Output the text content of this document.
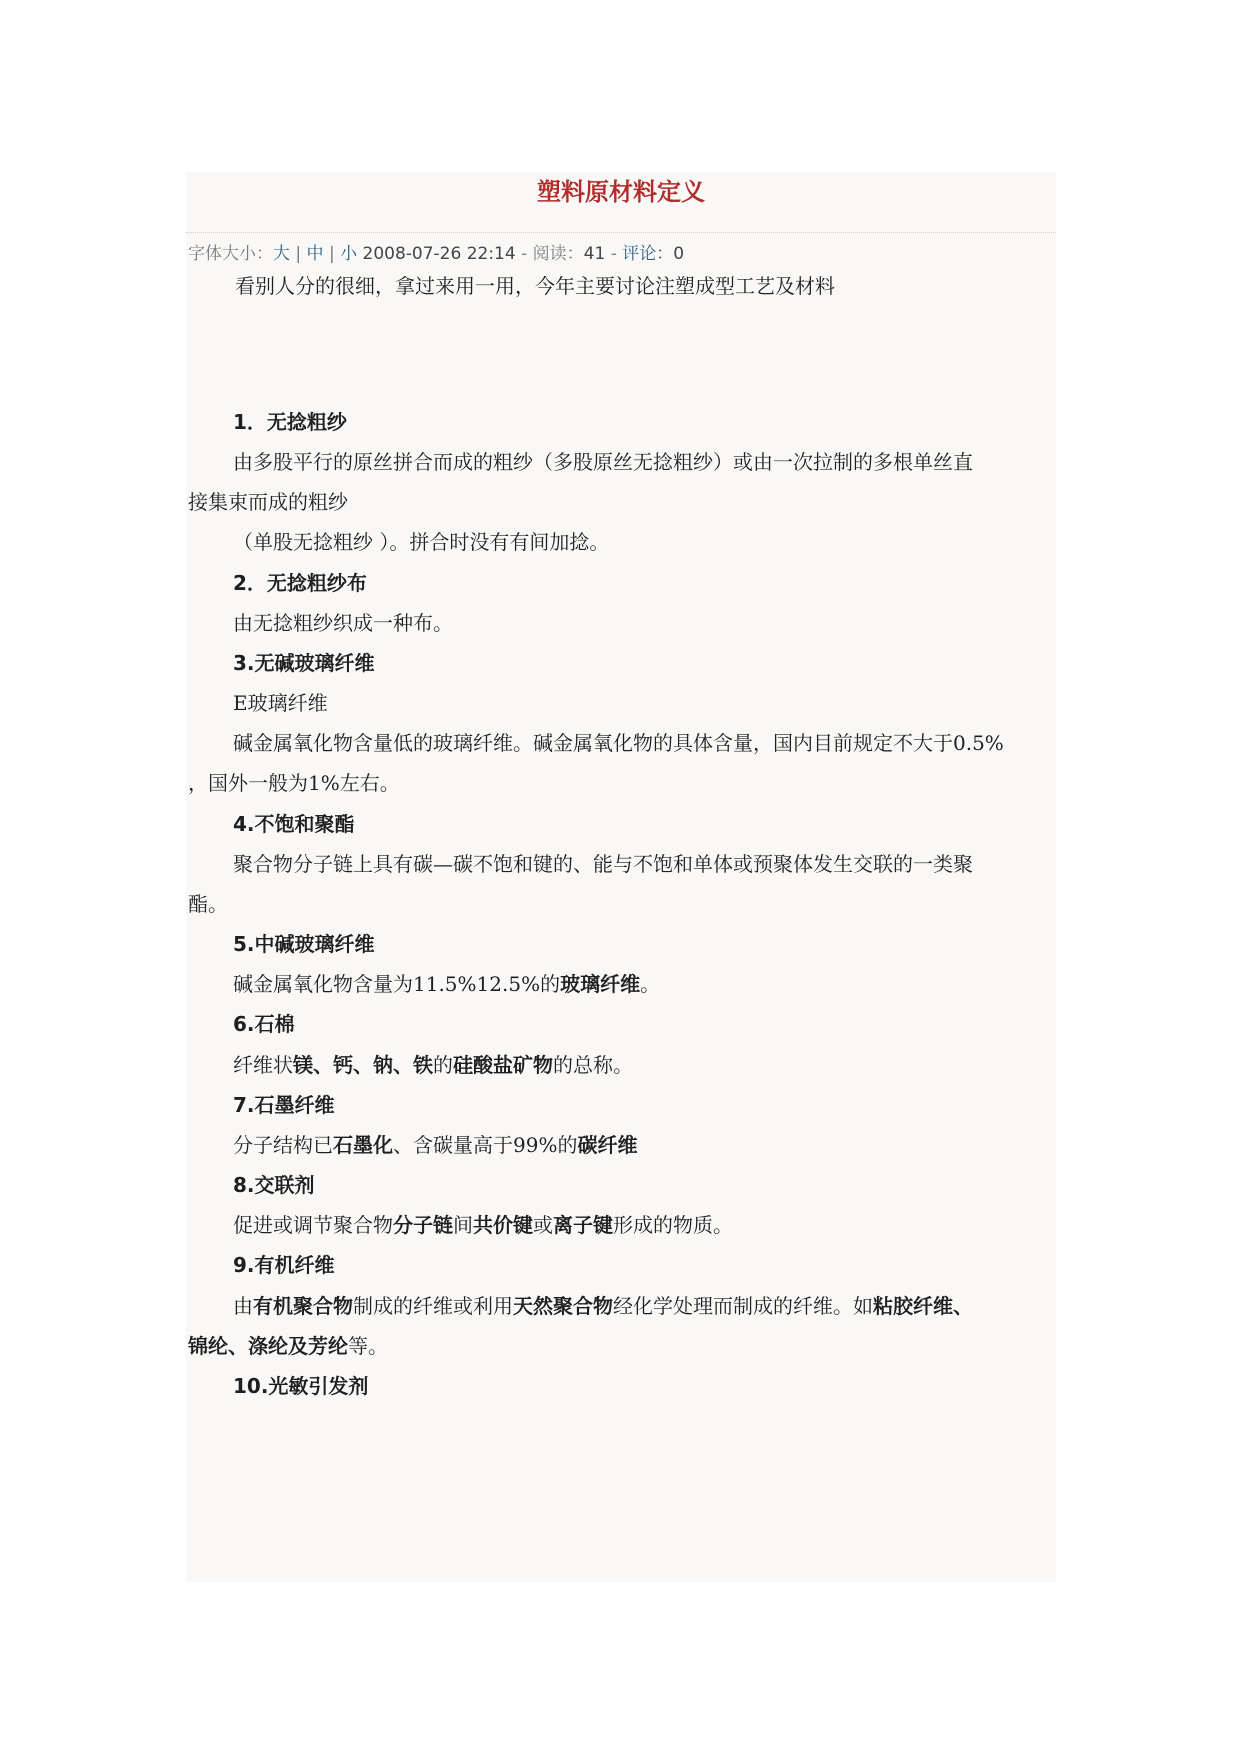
塑料原材料定义
字体大小：大 | 中 | 小 2008-07-26 22:14 - 阅读：41 - 评论：0
看别人分的很细，拿过来用一用，今年主要讨论注塑成型工艺及材料
1．无捻粗纱
由多股平行的原丝拼合而成的粗纱（多股原丝无捻粗纱）或由一次拉制的多根单丝直
接集束而成的粗纱
（单股无捻粗纱 ）。拼合时没有有间加捻。
2．无捻粗纱布
由无捻粗纱织成一种布。
3.无碱玻璃纤维
E玻璃纤维
碱金属氧化物含量低的玻璃纤维。碱金属氧化物的具体含量，国内目前规定不大于0.5%
，国外一般为1%左右。
4.不饱和聚酯
聚合物分子链上具有碳—碳不饱和键的、能与不饱和单体或预聚体发生交联的一类聚
酯。
5.中碱玻璃纤维
碱金属氧化物含量为11.5%12.5%的玻璃纤维。
6.石棉
纤维状镁、钙、钠、铁的硅酸盐矿物的总称。
7.石墨纤维
分子结构已石墨化、含碳量高于99%的碳纤维
8.交联剂
促进或调节聚合物分子链间共价键或离子键形成的物质。
9.有机纤维
由有机聚合物制成的纤维或利用天然聚合物经化学处理而制成的纤维。如粘胶纤维、
锦纶、涤纶及芳纶等。
10.光敏引发剂
